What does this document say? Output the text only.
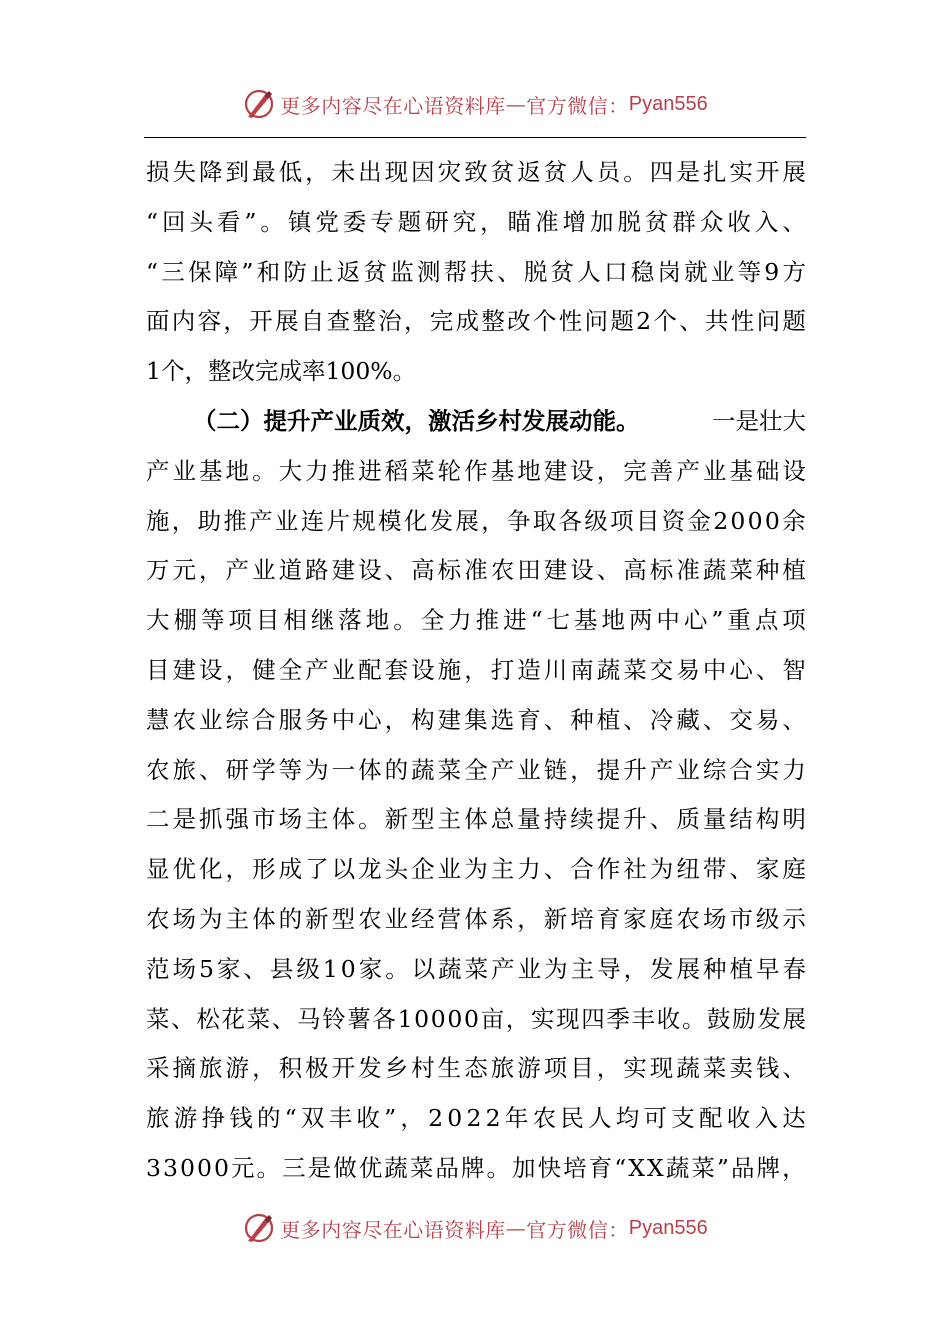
更多内容尽在心语资料库 — 官方微信： Pyan556
损 失 降 到 最 低 ， 未 出 现 因 灾 致 贫 返 贫 人 员 。 四 是 扎 实 开 展
“ 回 头 看 ” 。 镇 党 委 专 题 研 究 ， 瞄 准 增 加 脱 贫 群 众 收 入 、
“ 三 保 障 ” 和 防 止 返 贫 监 测 帮 扶 、 脱 贫 人 口 稳 岗 就 业 等 9 方
面 内 容 ， 开 展 自 查 整 治 ， 完 成 整 改 个 性 问 题 2 个 、 共 性 问 题
1个，整改完成率100%。
（二）提升产业质效，激活乡村发展动能。	一是壮大
产 业 基 地 。 大 力 推 进 稻 菜 轮 作 基 地 建 设 ， 完 善 产 业 基 础 设
施 ， 助 推 产 业 连 片 规 模 化 发 展 ， 争 取 各 级 项 目 资 金 2 0 0 0 余
万 元 ， 产 业 道 路 建 设 、 高 标 准 农 田 建 设 、 高 标 准 蔬 菜 种 植
大 棚 等 项 目 相 继 落 地 。 全 力 推 进 “ 七 基 地 两 中 心 ” 重 点 项
目 建 设 ， 健 全 产 业 配 套 设 施 ， 打 造 川 南 蔬 菜 交 易 中 心 、 智
慧 农 业 综 合 服 务 中 心 ， 构 建 集 选 育 、 种 植 、 冷 藏 、 交 易 、
农 旅 、 研 学 等 为 一 体 的 蔬 菜 全 产 业 链 ， 提 升 产 业 综 合 实 力
二 是 抓 强 市 场 主 体 。 新 型 主 体 总 量 持 续 提 升 、 质 量 结 构 明
显 优 化 ， 形 成 了 以 龙 头 企 业 为 主 力 、 合 作 社 为 纽 带 、 家 庭
农 场 为 主 体 的 新 型 农 业 经 营 体 系 ， 新 培 育 家 庭 农 场 市 级 示
范 场 5 家 、 县 级 1 0 家 。 以 蔬 菜 产 业 为 主 导 ， 发 展 种 植 早 春
菜 、 松 花 菜 、 马 铃 薯 各 1 0 0 0 0 亩 ， 实 现 四 季 丰 收 。 鼓 励 发 展
采 摘 旅 游 ， 积 极 开 发 乡 村 生 态 旅 游 项 目 ， 实 现 蔬 菜 卖 钱 、
旅 游 挣 钱 的 “ 双 丰 收 ” ， 2 0 2 2 年 农 民 人 均 可 支 配 收 入 达
3 3 0 0 0 元 。 三 是 做 优 蔬 菜 品 牌 。 加 快 培 育 “ X X 蔬 菜 ” 品 牌 ，
更多内容尽在心语资料库 — 官方微信： Pyan556
